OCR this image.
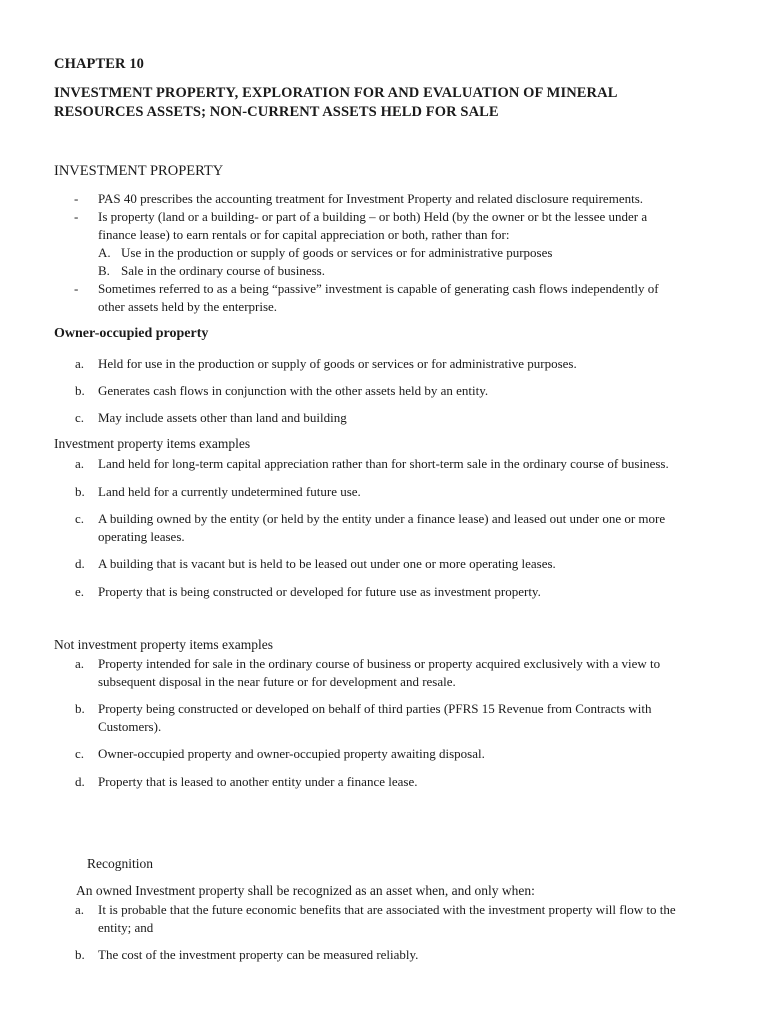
CHAPTER 10
INVESTMENT PROPERTY, EXPLORATION FOR AND EVALUATION OF MINERAL
RESOURCES ASSETS; NON-CURRENT ASSETS HELD FOR SALE
INVESTMENT PROPERTY
- PAS 40 prescribes the accounting treatment for Investment Property and related disclosure requirements.
- Is property (land or a building- or part of a building – or both) Held (by the owner or bt the lessee under a
finance lease) to earn rentals or for capital appreciation or both, rather than for:
A. Use in the production or supply of goods or services or for administrative purposes
B. Sale in the ordinary course of business.
- Sometimes referred to as a being “passive” investment is capable of generating cash flows independently of
other assets held by the enterprise.
Owner-occupied property
a. Held for use in the production or supply of goods or services or for administrative purposes.
b. Generates cash flows in conjunction with the other assets held by an entity.
c. May include assets other than land and building
Investment property items examples
a. Land held for long-term capital appreciation rather than for short-term sale in the ordinary course of business.
b. Land held for a currently undetermined future use.
c. A building owned by the entity (or held by the entity under a finance lease) and leased out under one or more
operating leases.
d. A building that is vacant but is held to be leased out under one or more operating leases.
e. Property that is being constructed or developed for future use as investment property.
Not investment property items examples
a. Property intended for sale in the ordinary course of business or property acquired exclusively with a view to
subsequent disposal in the near future or for development and resale.
b. Property being constructed or developed on behalf of third parties (PFRS 15 Revenue from Contracts with
Customers).
c. Owner-occupied property and owner-occupied property awaiting disposal.
d. Property that is leased to another entity under a finance lease.
Recognition
An owned Investment property shall be recognized as an asset when, and only when:
a. It is probable that the future economic benefits that are associated with the investment property will flow to the
entity; and
b. The cost of the investment property can be measured reliably.
